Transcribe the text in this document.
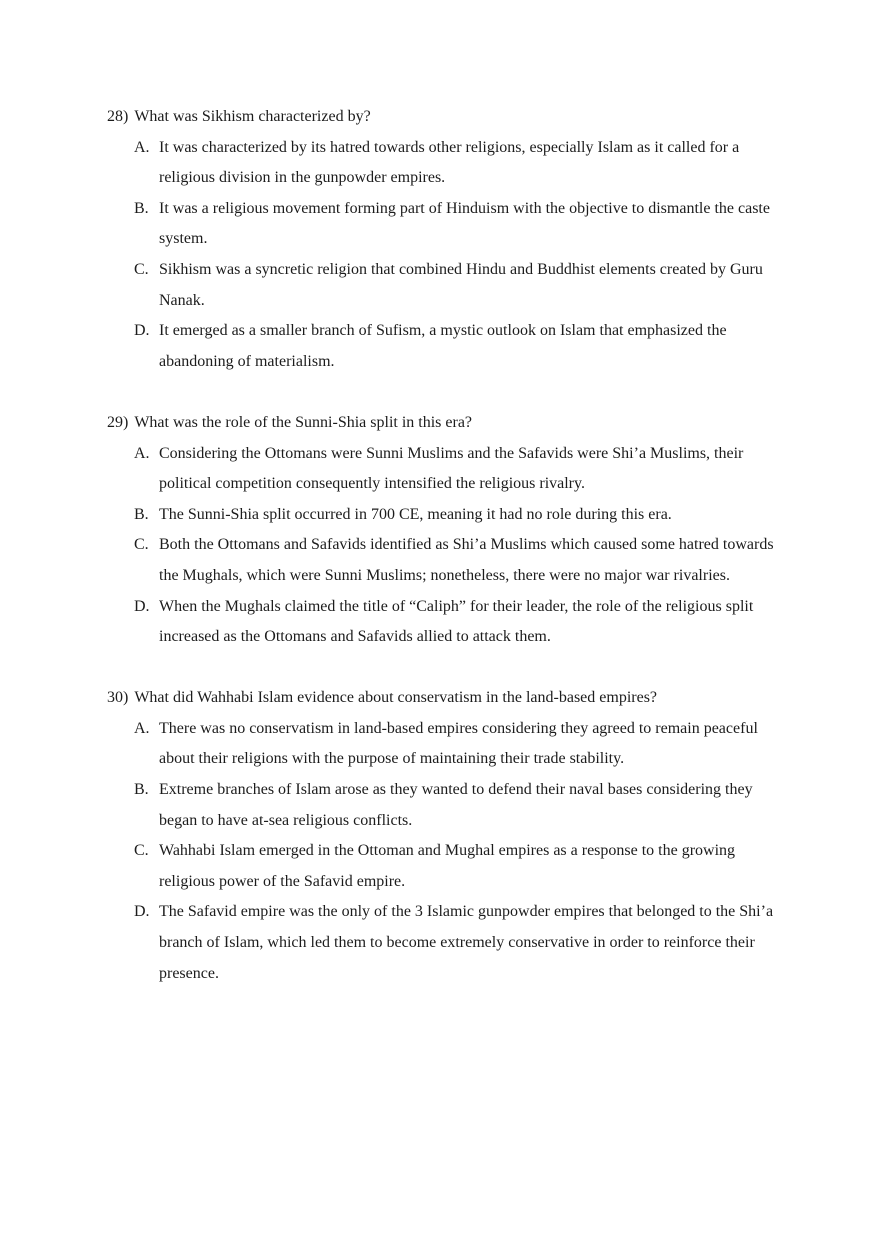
28) What was Sikhism characterized by?
A. It was characterized by its hatred towards other religions, especially Islam as it called for a religious division in the gunpowder empires.
B. It was a religious movement forming part of Hinduism with the objective to dismantle the caste system.
C. Sikhism was a syncretic religion that combined Hindu and Buddhist elements created by Guru Nanak.
D. It emerged as a smaller branch of Sufism, a mystic outlook on Islam that emphasized the abandoning of materialism.
29) What was the role of the Sunni-Shia split in this era?
A. Considering the Ottomans were Sunni Muslims and the Safavids were Shi’a Muslims, their political competition consequently intensified the religious rivalry.
B. The Sunni-Shia split occurred in 700 CE, meaning it had no role during this era.
C. Both the Ottomans and Safavids identified as Shi’a Muslims which caused some hatred towards the Mughals, which were Sunni Muslims; nonetheless, there were no major war rivalries.
D. When the Mughals claimed the title of “Caliph” for their leader, the role of the religious split increased as the Ottomans and Safavids allied to attack them.
30) What did Wahhabi Islam evidence about conservatism in the land-based empires?
A. There was no conservatism in land-based empires considering they agreed to remain peaceful about their religions with the purpose of maintaining their trade stability.
B. Extreme branches of Islam arose as they wanted to defend their naval bases considering they began to have at-sea religious conflicts.
C. Wahhabi Islam emerged in the Ottoman and Mughal empires as a response to the growing religious power of the Safavid empire.
D. The Safavid empire was the only of the 3 Islamic gunpowder empires that belonged to the Shi’a branch of Islam, which led them to become extremely conservative in order to reinforce their presence.
